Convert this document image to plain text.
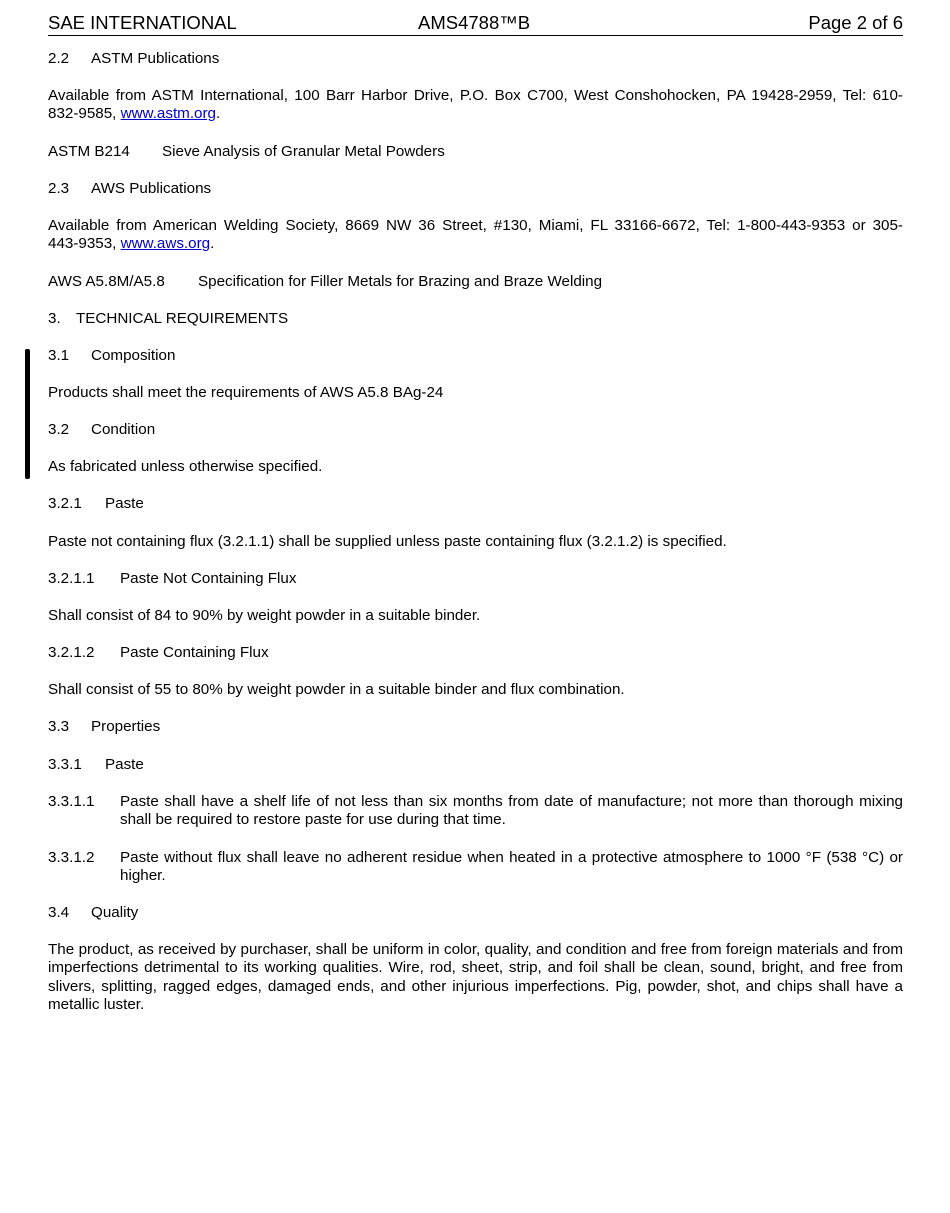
SAE INTERNATIONAL	AMS4788™B	Page 2 of 6
2.2 ASTM Publications
Available from ASTM International, 100 Barr Harbor Drive, P.O. Box C700, West Conshohocken, PA 19428-2959, Tel: 610-
832-9585, www.astm.org.
ASTM B214 Sieve Analysis of Granular Metal Powders
2.3 AWS Publications
Available from American Welding Society, 8669 NW 36 Street, #130, Miami, FL 33166-6672, Tel: 1-800-443-9353 or 305-
443-9353, www.aws.org.
AWS A5.8M/A5.8 Specification for Filler Metals for Brazing and Braze Welding
3. TECHNICAL REQUIREMENTS
3.1 Composition
Products shall meet the requirements of AWS A5.8 BAg-24
3.2 Condition
As fabricated unless otherwise specified.
3.2.1 Paste
Paste not containing flux (3.2.1.1) shall be supplied unless paste containing flux (3.2.1.2) is specified.
3.2.1.1 Paste Not Containing Flux
Shall consist of 84 to 90% by weight powder in a suitable binder.
3.2.1.2 Paste Containing Flux
Shall consist of 55 to 80% by weight powder in a suitable binder and flux combination.
3.3 Properties
3.3.1 Paste
3.3.1.1 Paste shall have a shelf life of not less than six months from date of manufacture; not more than thorough mixing shall be required to restore paste for use during that time.
3.3.1.2 Paste without flux shall leave no adherent residue when heated in a protective atmosphere to 1000 °F (538 °C) or higher.
3.4 Quality
The product, as received by purchaser, shall be uniform in color, quality, and condition and free from foreign materials and from imperfections detrimental to its working qualities. Wire, rod, sheet, strip, and foil shall be clean, sound, bright, and free from slivers, splitting, ragged edges, damaged ends, and other injurious imperfections. Pig, powder, shot, and chips shall have a metallic luster.
